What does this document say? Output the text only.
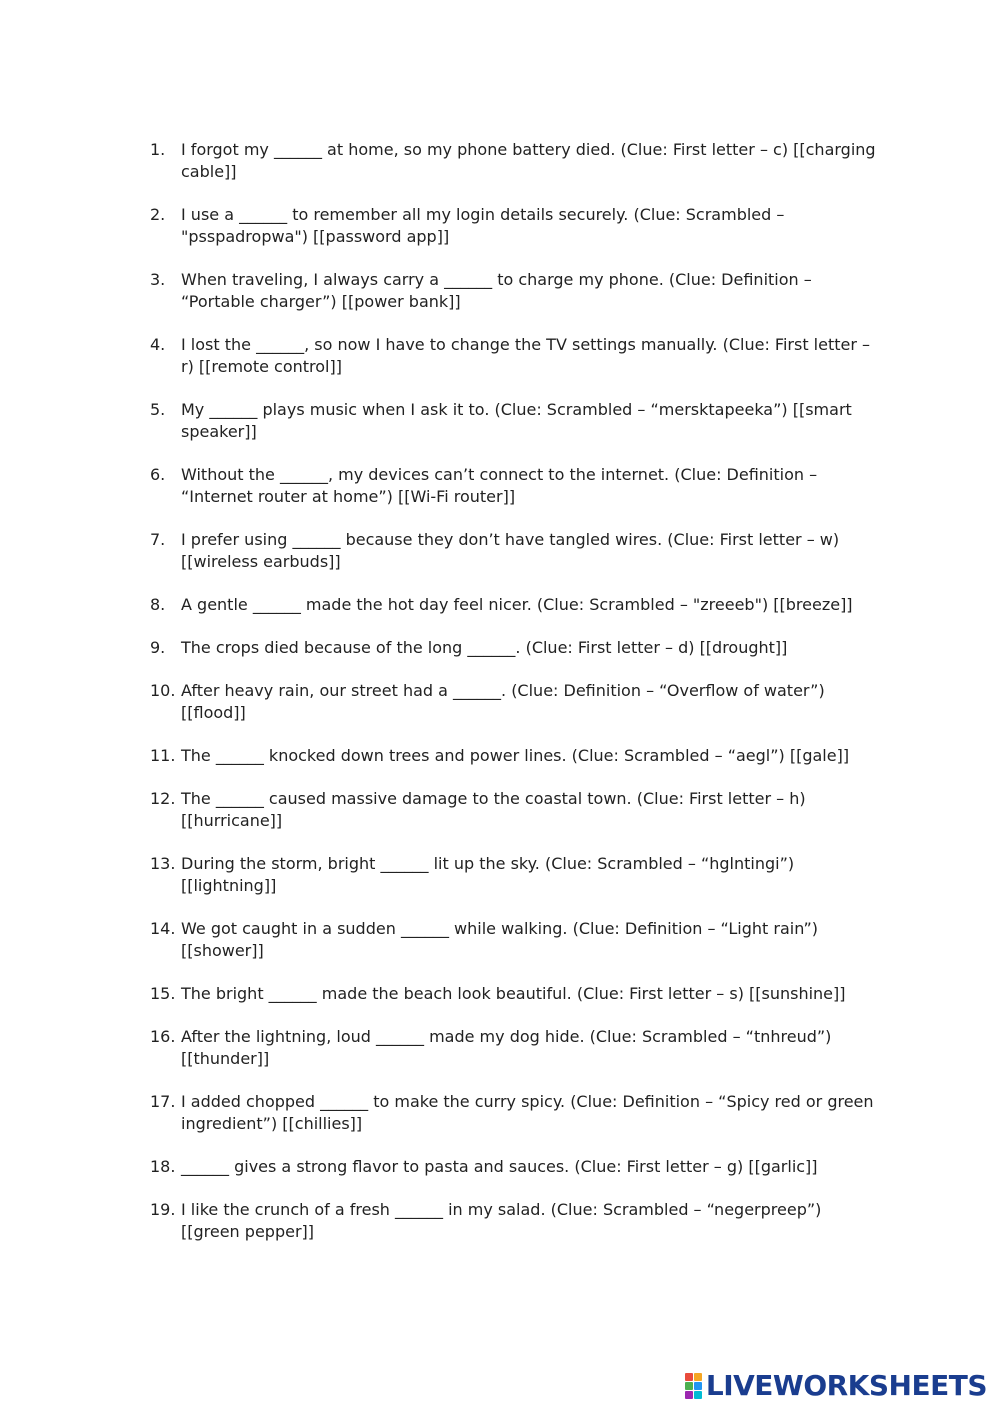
1. I forgot my ______ at home, so my phone battery died. (Clue: First letter – c) [[charging cable]]
2. I use a ______ to remember all my login details securely. (Clue: Scrambled – "psspadropwa") [[password app]]
3. When traveling, I always carry a ______ to charge my phone. (Clue: Definition – “Portable charger”) [[power bank]]
4. I lost the ______, so now I have to change the TV settings manually. (Clue: First letter – r) [[remote control]]
5. My ______ plays music when I ask it to. (Clue: Scrambled – “mersktapeeka”) [[smart speaker]]
6. Without the ______, my devices can’t connect to the internet. (Clue: Definition – “Internet router at home”) [[Wi-Fi router]]
7. I prefer using ______ because they don’t have tangled wires. (Clue: First letter – w) [[wireless earbuds]]
8. A gentle ______ made the hot day feel nicer. (Clue: Scrambled – "zreeeb") [[breeze]]
9. The crops died because of the long ______. (Clue: First letter – d) [[drought]]
10. After heavy rain, our street had a ______. (Clue: Definition – “Overflow of water”) [[flood]]
11. The ______ knocked down trees and power lines. (Clue: Scrambled – “aegl”) [[gale]]
12. The ______ caused massive damage to the coastal town. (Clue: First letter – h) [[hurricane]]
13. During the storm, bright ______ lit up the sky. (Clue: Scrambled – “hglntingi”) [[lightning]]
14. We got caught in a sudden ______ while walking. (Clue: Definition – “Light rain”) [[shower]]
15. The bright ______ made the beach look beautiful. (Clue: First letter – s) [[sunshine]]
16. After the lightning, loud ______ made my dog hide. (Clue: Scrambled – “tnhreud”) [[thunder]]
17. I added chopped ______ to make the curry spicy. (Clue: Definition – “Spicy red or green ingredient”) [[chillies]]
18. ______ gives a strong flavor to pasta and sauces. (Clue: First letter – g) [[garlic]]
19. I like the crunch of a fresh ______ in my salad. (Clue: Scrambled – “negerpreep”) [[green pepper]]
LIVEWORKSHEETS
